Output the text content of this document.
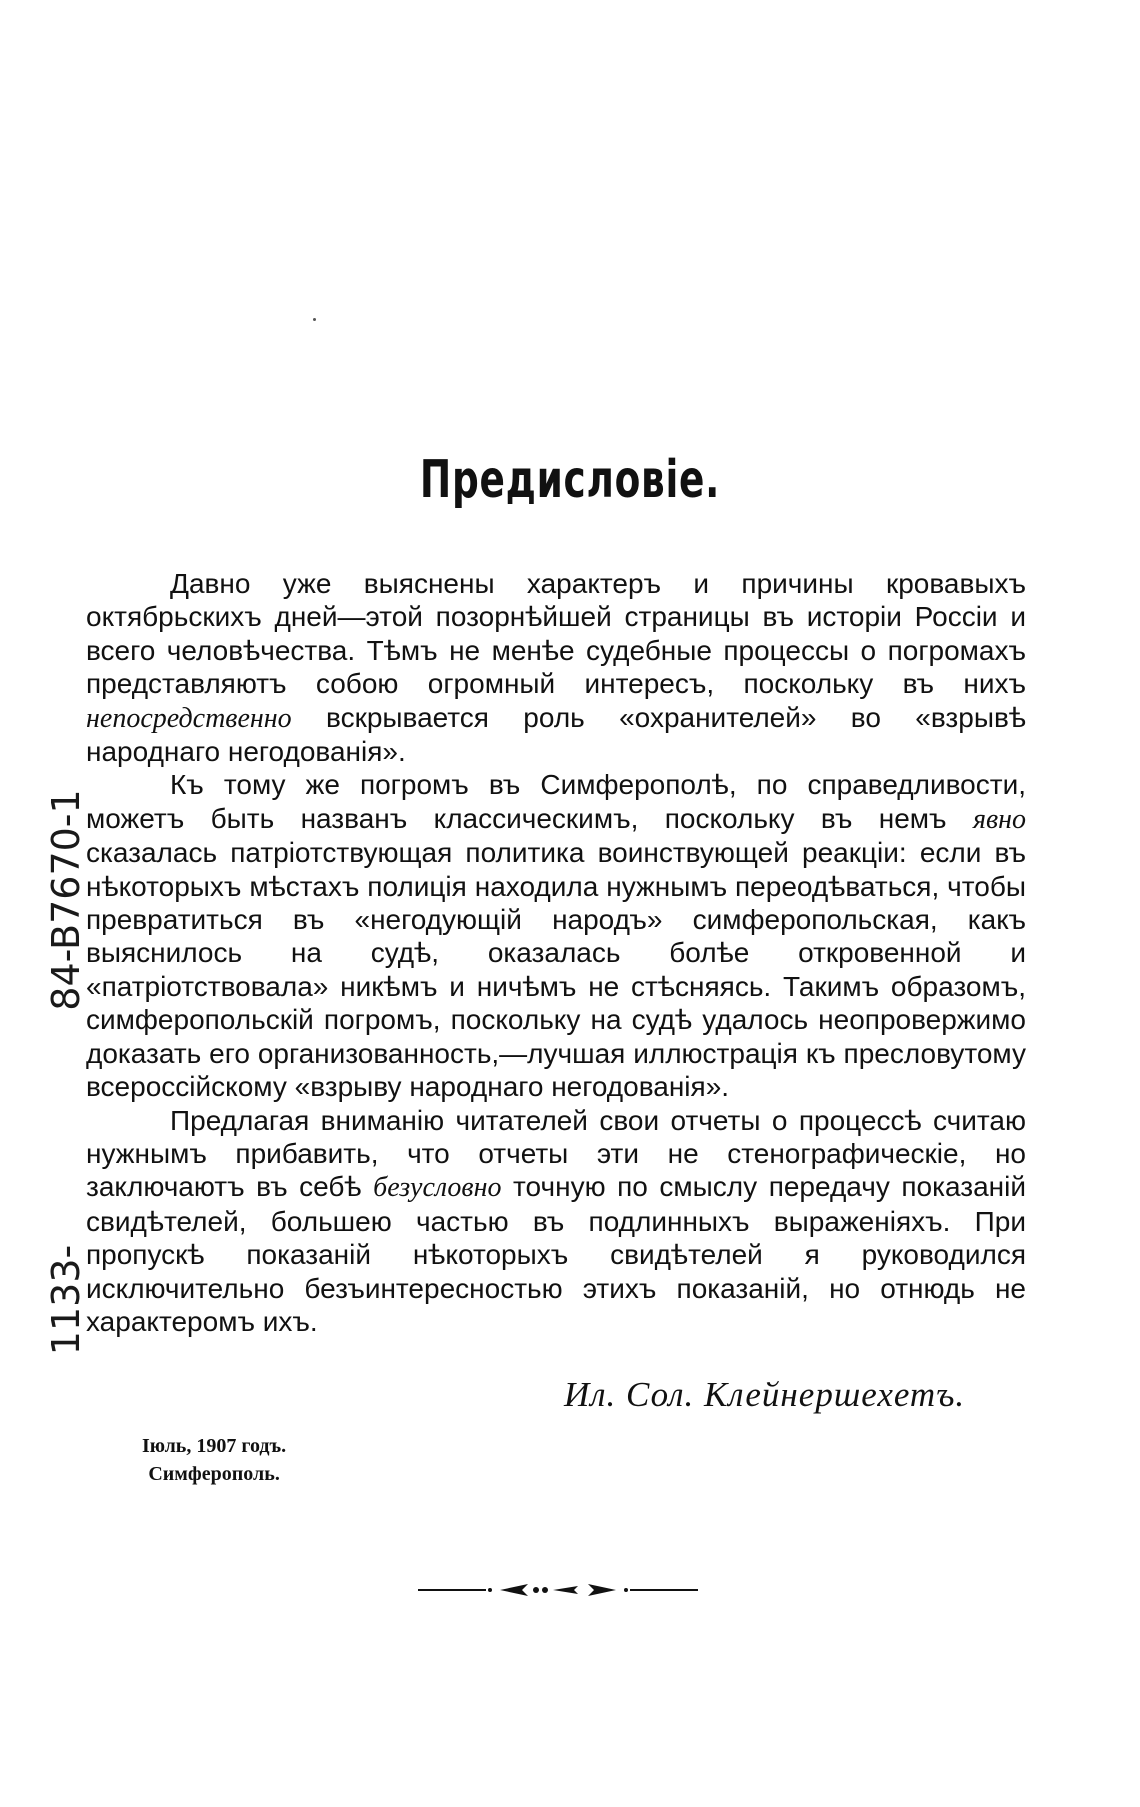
Предисловіе.

Давно уже выяснены характеръ и причины кровавыхъ октябрьскихъ дней—этой позорнѣйшей страницы въ исторіи Россіи и всего человѣчества. Тѣмъ не менѣе судебные процессы о погромахъ представляютъ собою огромный интересъ, поскольку въ нихъ непосредственно вскрывается роль «охранителей» во «взрывѣ народнаго негодованія».

Къ тому же погромъ въ Симферополѣ, по справедливости, можетъ быть названъ классическимъ, поскольку въ немъ явно сказалась патріотствующая политика воинствующей реакціи: если въ нѣкоторыхъ мѣстахъ полиція находила нужнымъ переодѣваться, чтобы превратиться въ «негодующій народъ» симферопольская, какъ выяснилось на судѣ, оказалась болѣе откровенной и «патріотствовала» никѣмъ и ничѣмъ не стѣсняясь. Такимъ образомъ, симферопольскій погромъ, поскольку на судѣ удалось неопровержимо доказать его организованность,—лучшая иллюстрація къ пресловутому всероссійскому «взрыву народнаго негодованія».

Предлагая вниманію читателей свои отчеты о процессѣ считаю нужнымъ прибавить, что отчеты эти не стенографическіе, но заключаютъ въ себѣ безусловно точную по смыслу передачу показаній свидѣтелей, большею частью въ подлинныхъ выраженіяхъ. При пропускѣ показаній нѣкоторыхъ свидѣтелей я руководился исключительно безъинтересностью этихъ показаній, но отнюдь не характеромъ ихъ.

Ил. Сол. Клейнершехетъ.
Іюль, 1907 годъ.
Симферополь.
84-B7670-1
1133-
